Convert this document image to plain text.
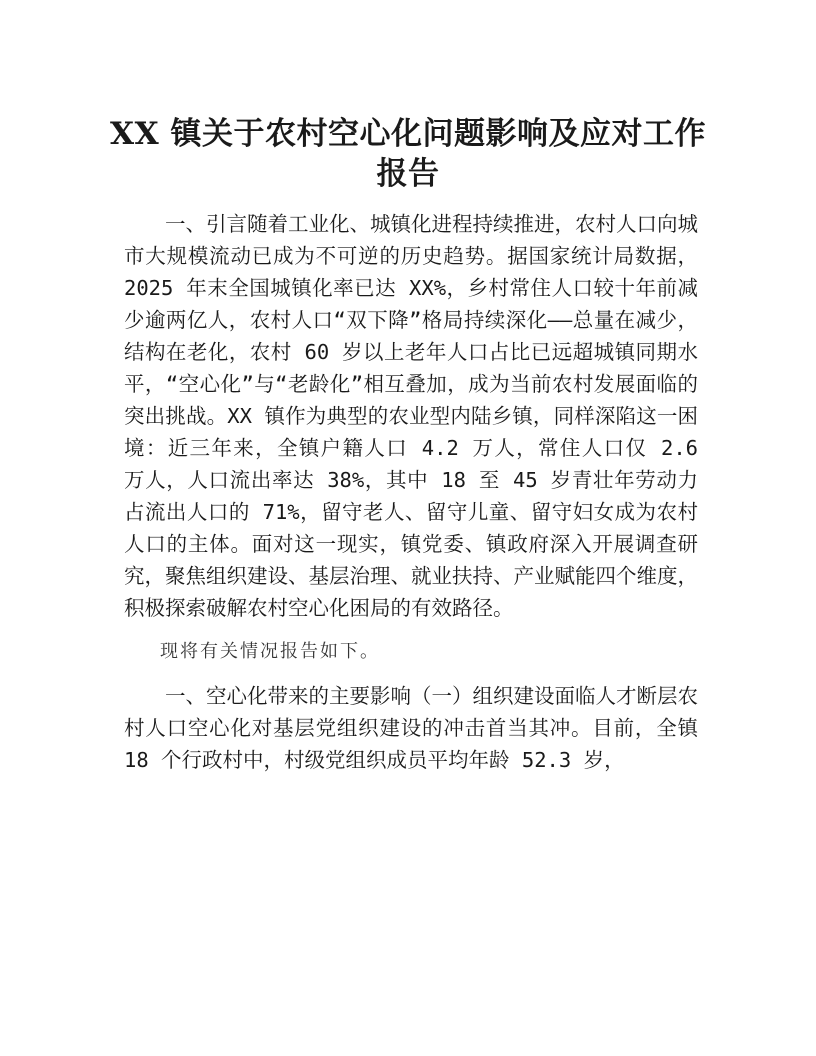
XX 镇关于农村空心化问题影响及应对工作
报告

一、引言随着工业化、城镇化进程持续推进，农村人口向城市大规模流动已成为不可逆的历史趋势。据国家统计局数据，2025 年末全国城镇化率已达 XX%，乡村常住人口较十年前减少逾两亿人，农村人口“双下降”格局持续深化——总量在减少，结构在老化，农村 60 岁以上老年人口占比已远超城镇同期水平，“空心化”与“老龄化”相互叠加，成为当前农村发展面临的突出挑战。XX 镇作为典型的农业型内陆乡镇，同样深陷这一困境：近三年来，全镇户籍人口 4.2 万人，常住人口仅 2.6 万人，人口流出率达 38%，其中 18 至 45 岁青壮年劳动力占流出人口的 71%，留守老人、留守儿童、留守妇女成为农村人口的主体。面对这一现实，镇党委、镇政府深入开展调查研究，聚焦组织建设、基层治理、就业扶持、产业赋能四个维度，积极探索破解农村空心化困局的有效路径。

现将有关情况报告如下。

一、空心化带来的主要影响（一）组织建设面临人才断层农村人口空心化对基层党组织建设的冲击首当其冲。目前，全镇 18 个行政村中，村级党组织成员平均年龄 52.3 岁，
